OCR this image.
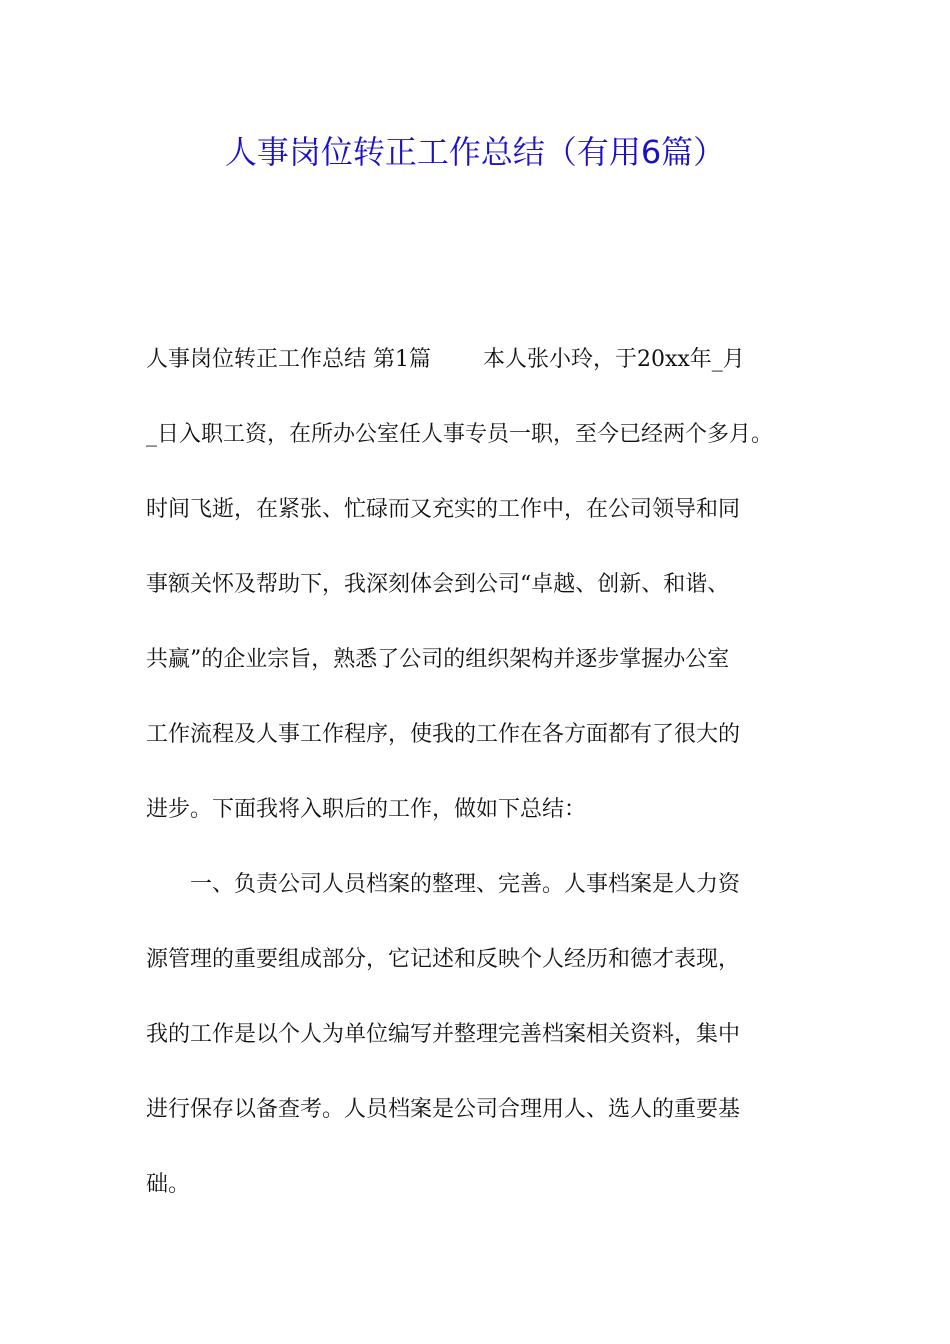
人事岗位转正工作总结（有用6篇）
人事岗位转正工作总结 第1篇 本人张小玲，于20xx年_月
_日入职工资，在所办公室任人事专员一职，至今已经两个多月。
时间飞逝，在紧张、忙碌而又充实的工作中，在公司领导和同
事额关怀及帮助下，我深刻体会到公司“卓越、创新、和谐、
共赢”的企业宗旨，熟悉了公司的组织架构并逐步掌握办公室
工作流程及人事工作程序，使我的工作在各方面都有了很大的
进步。下面我将入职后的工作，做如下总结：
　　一、负责公司人员档案的整理、完善。人事档案是人力资
源管理的重要组成部分，它记述和反映个人经历和德才表现，
我的工作是以个人为单位编写并整理完善档案相关资料，集中
进行保存以备查考。人员档案是公司合理用人、选人的重要基
础。
